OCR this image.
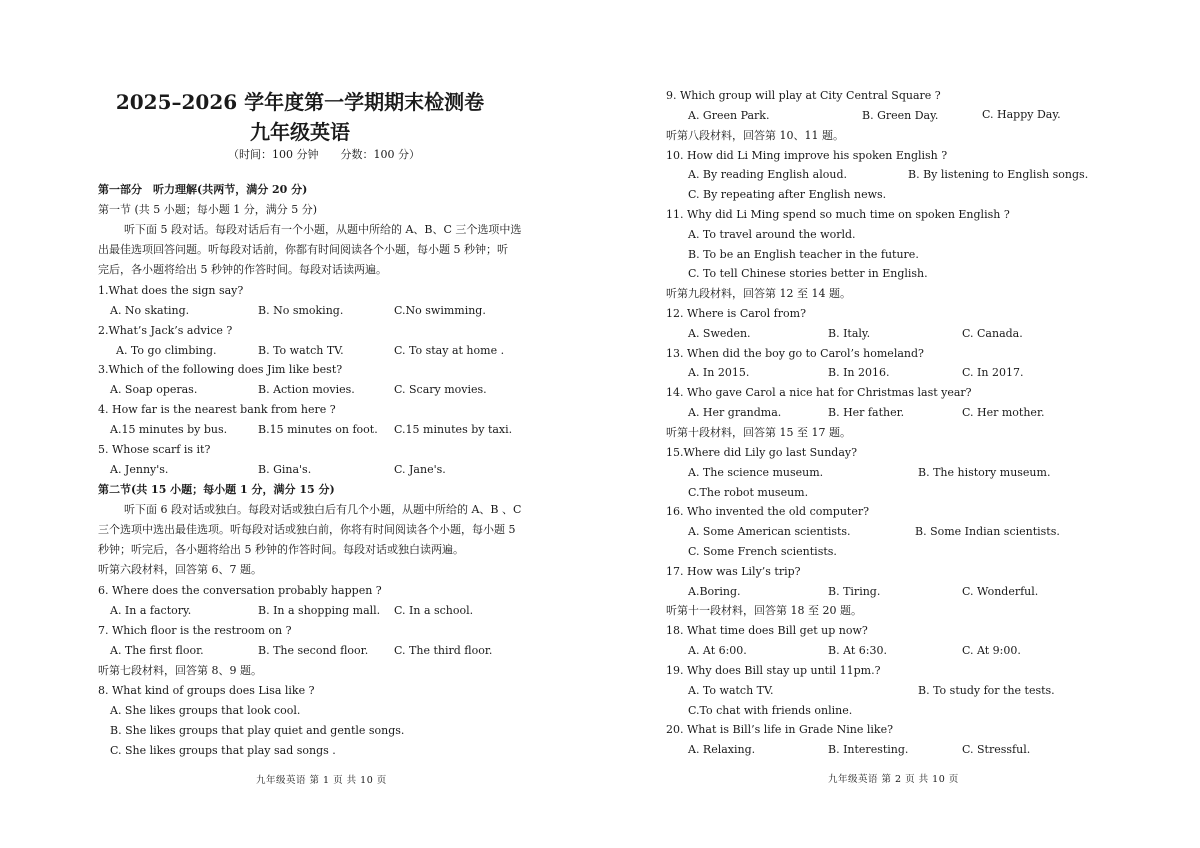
2025–2026 学年度第一学期期末检测卷
九年级英语
（时间：100 分钟　　分数：100 分）
第一部分　听力理解(共两节，满分 20 分)
第一节 (共 5 小题；每小题 1 分，满分 5 分)
听下面 5 段对话。每段对话后有一个小题，从题中所给的 A、B、C 三个选项中选
出最佳选项回答问题。听每段对话前，你都有时间阅读各个小题，每小题 5 秒钟；听
完后，各小题将给出 5 秒钟的作答时间。每段对话读两遍。
1.What does the sign say?
A. No skating.	B. No smoking.	C.No swimming.
2.What’s Jack’s advice ?
A. To go climbing.	B. To watch TV.	C. To stay at home .
3.Which of the following does Jim like best?
A. Soap operas.	B. Action movies.	C. Scary movies.
4. How far is the nearest bank from here ?
A.15 minutes by bus.	B.15 minutes on foot. C.15 minutes by taxi.
5. Whose scarf is it?
A. Jenny's.	B. Gina's.	C. Jane's.
第二节(共 15 小题；每小题 1 分，满分 15 分)
听下面 6 段对话或独白。每段对话或独白后有几个小题，从题中所给的 A、B 、C
三个选项中选出最佳选项。听每段对话或独白前，你将有时间阅读各个小题，每小题 5
秒钟；听完后，各小题将给出 5 秒钟的作答时间。每段对话或独白读两遍。
听第六段材料，回答第 6、7 题。
6. Where does the conversation probably happen ?
A. In a factory.	B. In a shopping mall. C. In a school.
7. Which floor is the restroom on ?
A. The first floor.	B. The second floor. C. The third floor.
听第七段材料，回答第 8、9 题。
8. What kind of groups does Lisa like ?
A. She likes groups that look cool.
B. She likes groups that play quiet and gentle songs.
C. She likes groups that play sad songs .
九年级英语 第 1 页 共 10 页
9. Which group will play at City Central Square ?
A. Green Park.	B. Green Day.	C. Happy Day.
听第八段材料，回答第 10、11 题。
10. How did Li Ming improve his spoken English ?
A. By reading English aloud.	B. By listening to English songs.
C. By repeating after English news.
11. Why did Li Ming spend so much time on spoken English ?
A. To travel around the world.
B. To be an English teacher in the future.
C. To tell Chinese stories better in English.
听第九段材料，回答第 12 至 14 题。
12. Where is Carol from?
A. Sweden.	B. Italy.	C. Canada.
13. When did the boy go to Carol’s homeland?
A. In 2015.	B. In 2016.	C. In 2017.
14. Who gave Carol a nice hat for Christmas last year?
A. Her grandma.	B. Her father.	C. Her mother.
听第十段材料，回答第 15 至 17 题。
15.Where did Lily go last Sunday?
A. The science museum.	B. The history museum.
C.The robot museum.
16. Who invented the old computer?
A. Some American scientists.	B. Some Indian scientists.
C. Some French scientists.
17. How was Lily’s trip?
A.Boring.	B. Tiring.	C. Wonderful.
听第十一段材料，回答第 18 至 20 题。
18. What time does Bill get up now?
A. At 6:00.	B. At 6:30.	C. At 9:00.
19. Why does Bill stay up until 11pm.?
A. To watch TV.	B. To study for the tests.
C.To chat with friends online.
20. What is Bill’s life in Grade Nine like?
A. Relaxing.	B. Interesting.	C. Stressful.
九年级英语 第 2 页 共 10 页
